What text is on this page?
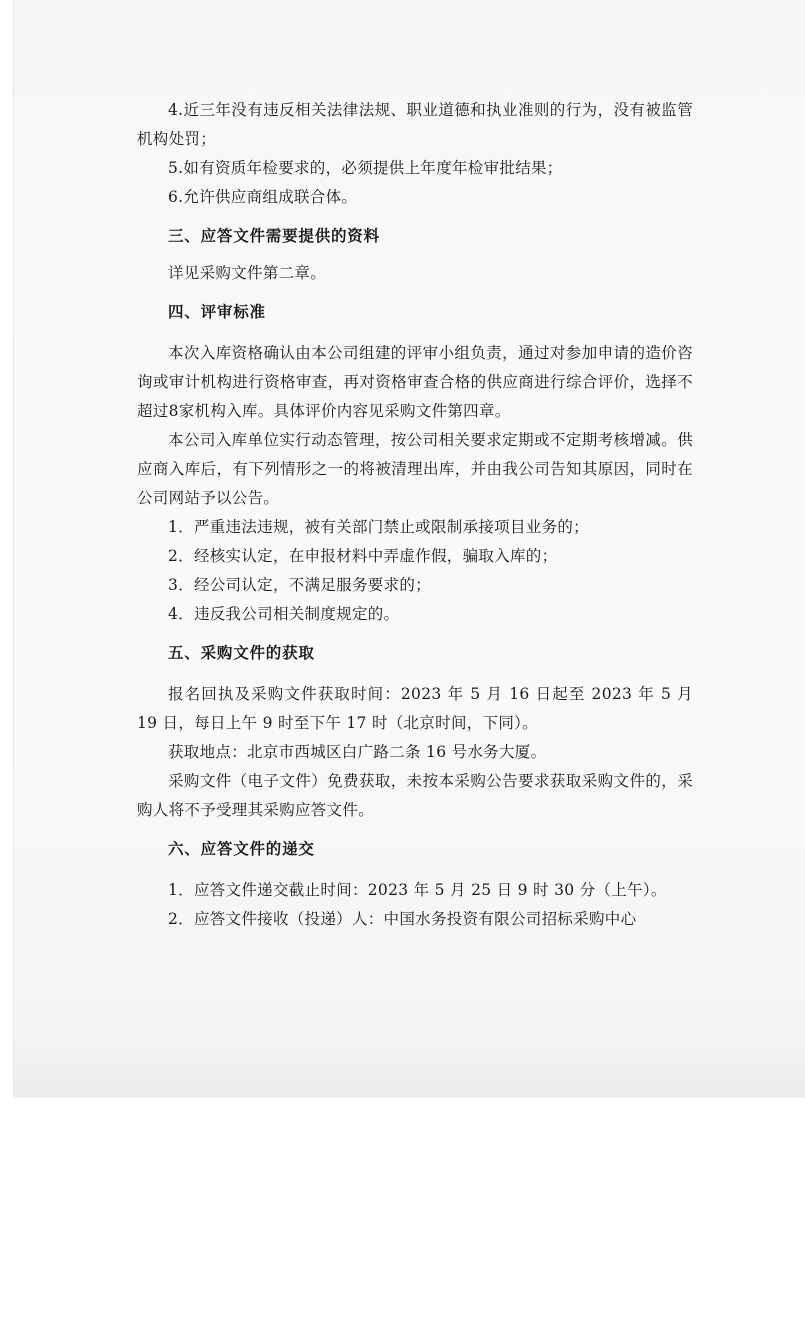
4.近三年没有违反相关法律法规、职业道德和执业准则的行为，没有被监管机构处罚；

5.如有资质年检要求的，必须提供上年度年检审批结果；

6.允许供应商组成联合体。

三、应答文件需要提供的资料

详见采购文件第二章。

四、评审标准

本次入库资格确认由本公司组建的评审小组负责，通过对参加申请的造价咨询或审计机构进行资格审查，再对资格审查合格的供应商进行综合评价，选择不超过8家机构入库。具体评价内容见采购文件第四章。

本公司入库单位实行动态管理，按公司相关要求定期或不定期考核增减。供应商入库后，有下列情形之一的将被清理出库，并由我公司告知其原因，同时在公司网站予以公告。

1．严重违法违规，被有关部门禁止或限制承接项目业务的；

2．经核实认定，在申报材料中弄虚作假，骗取入库的；

3．经公司认定，不满足服务要求的；

4．违反我公司相关制度规定的。

五、采购文件的获取

报名回执及采购文件获取时间：2023 年 5 月 16 日起至 2023 年 5 月 19 日，每日上午 9 时至下午 17 时（北京时间，下同）。

获取地点：北京市西城区白广路二条 16 号水务大厦。

采购文件（电子文件）免费获取，未按本采购公告要求获取采购文件的，采购人将不予受理其采购应答文件。

六、应答文件的递交

1．应答文件递交截止时间：2023 年 5 月 25 日 9 时 30 分（上午）。

2．应答文件接收（投递）人：中国水务投资有限公司招标采购中心
